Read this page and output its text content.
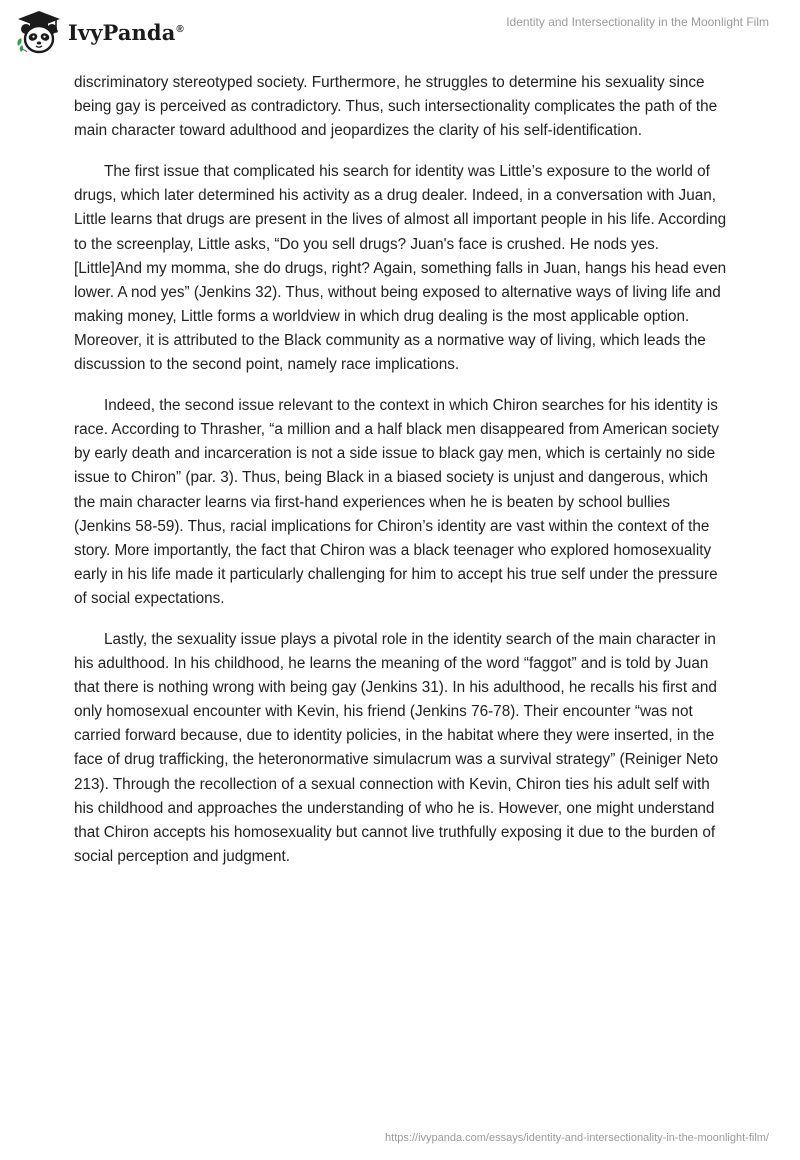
IvyPanda®	Identity and Intersectionality in the Moonlight Film

discriminatory stereotyped society. Furthermore, he struggles to determine his sexuality since being gay is perceived as contradictory. Thus, such intersectionality complicates the path of the main character toward adulthood and jeopardizes the clarity of his self-identification.

The first issue that complicated his search for identity was Little’s exposure to the world of drugs, which later determined his activity as a drug dealer. Indeed, in a conversation with Juan, Little learns that drugs are present in the lives of almost all important people in his life. According to the screenplay, Little asks, “Do you sell drugs? Juan's face is crushed. He nods yes. [Little]And my momma, she do drugs, right? Again, something falls in Juan, hangs his head even lower. A nod yes” (Jenkins 32). Thus, without being exposed to alternative ways of living life and making money, Little forms a worldview in which drug dealing is the most applicable option. Moreover, it is attributed to the Black community as a normative way of living, which leads the discussion to the second point, namely race implications.

Indeed, the second issue relevant to the context in which Chiron searches for his identity is race. According to Thrasher, “a million and a half black men disappeared from American society by early death and incarceration is not a side issue to black gay men, which is certainly no side issue to Chiron” (par. 3). Thus, being Black in a biased society is unjust and dangerous, which the main character learns via first-hand experiences when he is beaten by school bullies (Jenkins 58-59). Thus, racial implications for Chiron’s identity are vast within the context of the story. More importantly, the fact that Chiron was a black teenager who explored homosexuality early in his life made it particularly challenging for him to accept his true self under the pressure of social expectations.

Lastly, the sexuality issue plays a pivotal role in the identity search of the main character in his adulthood. In his childhood, he learns the meaning of the word “faggot” and is told by Juan that there is nothing wrong with being gay (Jenkins 31). In his adulthood, he recalls his first and only homosexual encounter with Kevin, his friend (Jenkins 76-78). Their encounter “was not carried forward because, due to identity policies, in the habitat where they were inserted, in the face of drug trafficking, the heteronormative simulacrum was a survival strategy” (Reiniger Neto 213). Through the recollection of a sexual connection with Kevin, Chiron ties his adult self with his childhood and approaches the understanding of who he is. However, one might understand that Chiron accepts his homosexuality but cannot live truthfully exposing it due to the burden of social perception and judgment.

https://ivypanda.com/essays/identity-and-intersectionality-in-the-moonlight-film/
